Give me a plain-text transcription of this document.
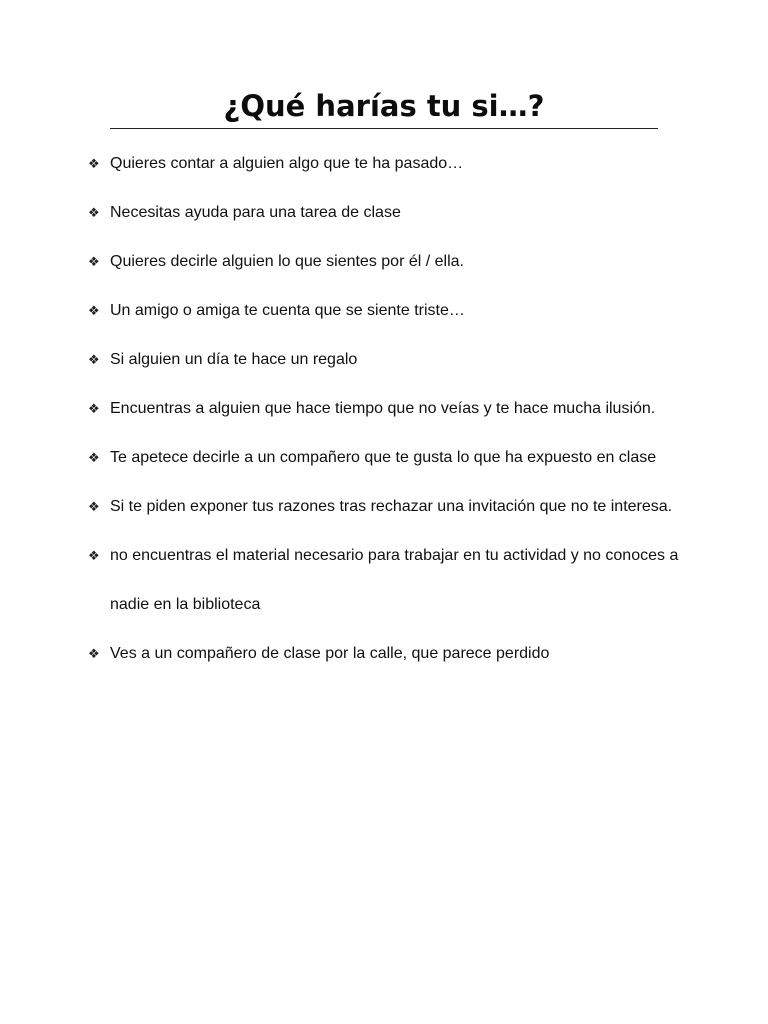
¿Qué harías tu si…?
❖ Quieres contar a alguien algo que te ha pasado…
❖ Necesitas ayuda para una tarea de clase
❖ Quieres decirle alguien lo que sientes por él / ella.
❖ Un amigo o amiga te cuenta que se siente triste…
❖ Si alguien un día te hace un regalo
❖ Encuentras a alguien que hace tiempo que no veías y te hace mucha ilusión.
❖ Te apetece decirle a un compañero que te gusta lo que ha expuesto en clase
❖ Si te piden exponer tus razones tras rechazar una invitación que no te interesa.
❖ no encuentras el material necesario para trabajar en tu actividad y no conoces a nadie en la biblioteca
❖ Ves a un compañero de clase por la calle, que parece perdido
